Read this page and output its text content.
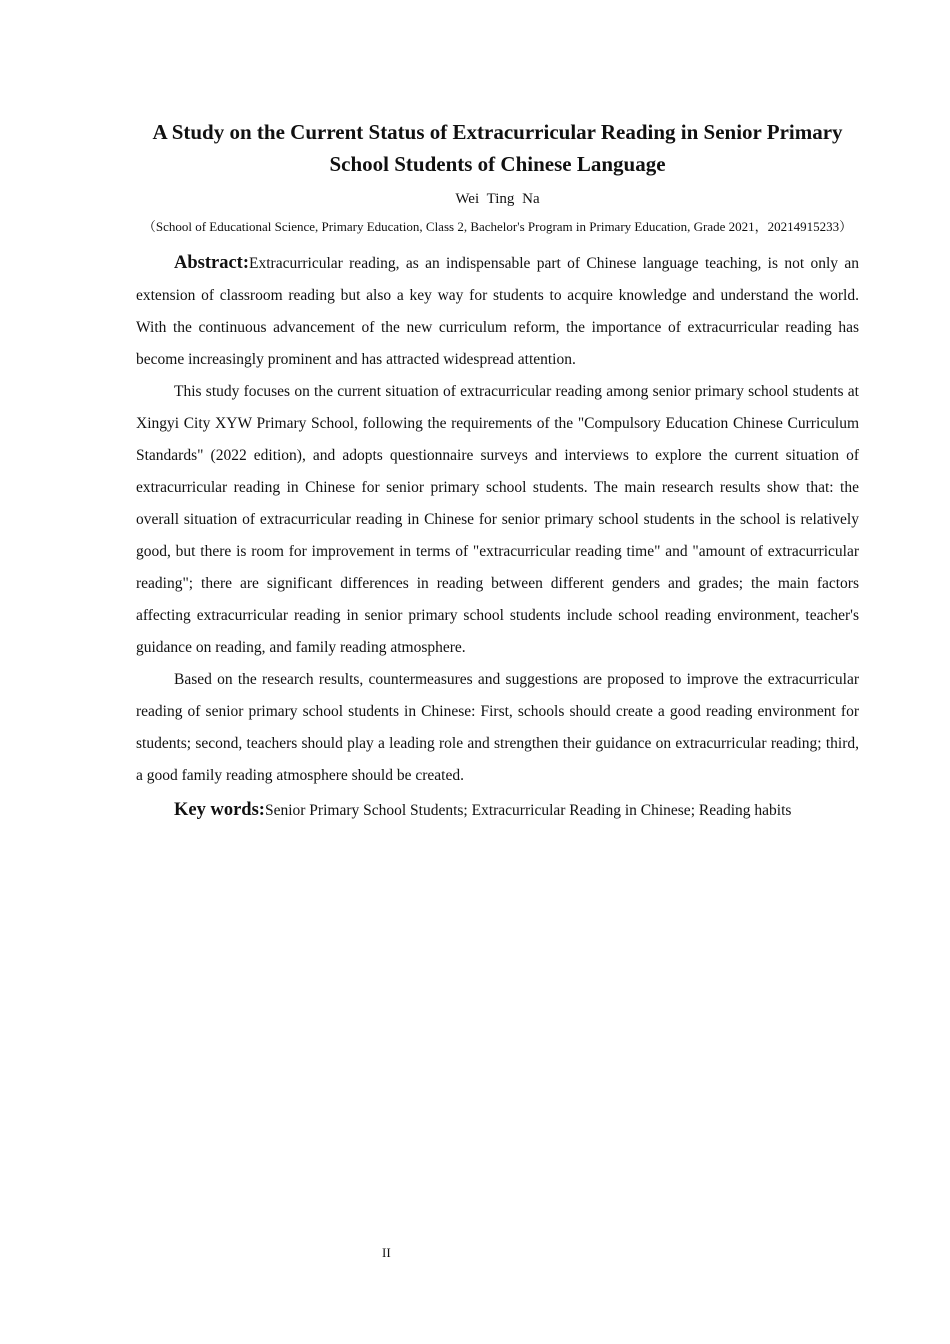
A Study on the Current Status of Extracurricular Reading in Senior Primary School Students of Chinese Language
Wei Ting Na
（School of Educational Science, Primary Education, Class 2, Bachelor's Program in Primary Education, Grade 2021，20214915233）

Abstract:Extracurricular reading, as an indispensable part of Chinese language teaching, is not only an extension of classroom reading but also a key way for students to acquire knowledge and understand the world. With the continuous advancement of the new curriculum reform, the importance of extracurricular reading has become increasingly prominent and has attracted widespread attention.

This study focuses on the current situation of extracurricular reading among senior primary school students at Xingyi City XYW Primary School, following the requirements of the "Compulsory Education Chinese Curriculum Standards" (2022 edition), and adopts questionnaire surveys and interviews to explore the current situation of extracurricular reading in Chinese for senior primary school students. The main research results show that: the overall situation of extracurricular reading in Chinese for senior primary school students in the school is relatively good, but there is room for improvement in terms of "extracurricular reading time" and "amount of extracurricular reading"; there are significant differences in reading between different genders and grades; the main factors affecting extracurricular reading in senior primary school students include school reading environment, teacher's guidance on reading, and family reading atmosphere.

Based on the research results, countermeasures and suggestions are proposed to improve the extracurricular reading of senior primary school students in Chinese: First, schools should create a good reading environment for students; second, teachers should play a leading role and strengthen their guidance on extracurricular reading; third, a good family reading atmosphere should be created.

Key words:Senior Primary School Students; Extracurricular Reading in Chinese; Reading habits

II
